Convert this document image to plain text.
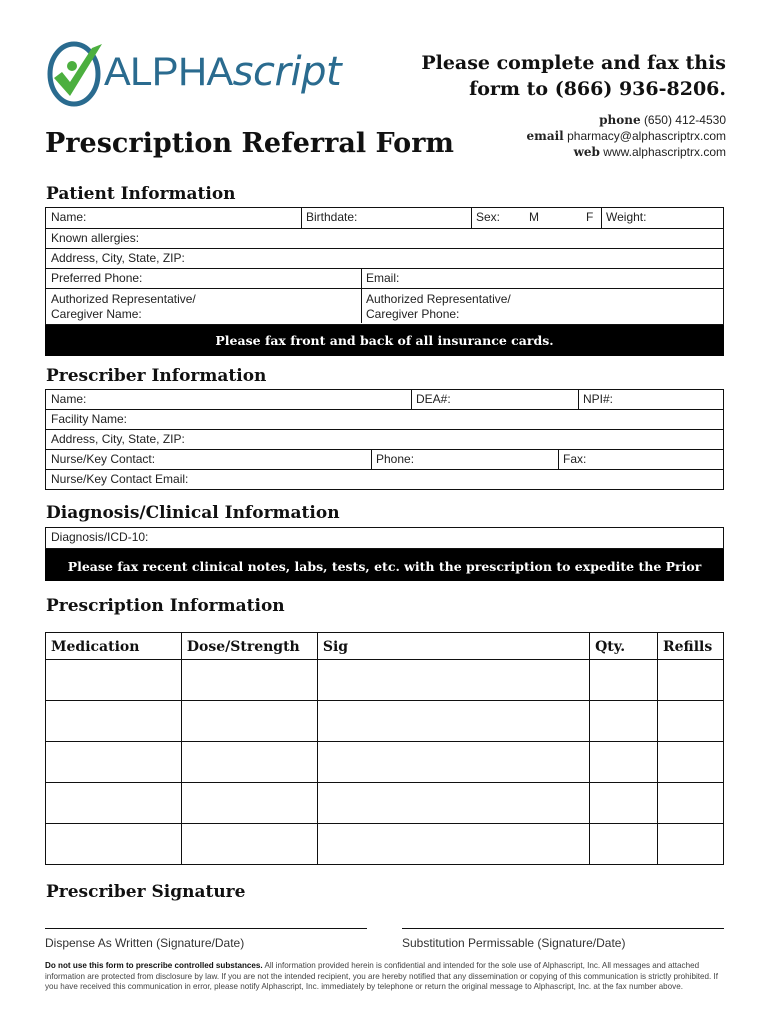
ALPHAscript	Please complete and fax this
form to (866) 936-8206.
phone (650) 412-4530
email pharmacy@alphascriptrx.com
web www.alphascriptrx.com
Prescription Referral Form
Patient Information
Name:	Birthdate:	Sex:	M	F	Weight:
Known allergies:
Address, City, State, ZIP:
Preferred Phone:	Email:
Authorized Representative/
Caregiver Name:
Authorized Representative/
Caregiver Phone:
Please fax front and back of all insurance cards.
Prescriber Information
Name:	DEA#:	NPI#:
Facility Name:
Address, City, State, ZIP:
Nurse/Key Contact:	Phone:	Fax:
Nurse/Key Contact Email:
Diagnosis/Clinical Information
Diagnosis/ICD-10:
Please fax recent clinical notes, labs, tests, etc. with the prescription to expedite the Prior Authorization.
Prescription Information
Medication	Dose/Strength	Sig	Qty.	Refills

Prescriber Signature
Dispense As Written (Signature/Date)	Substitution Permissable (Signature/Date)
Do not use this form to prescribe controlled substances. All information provided herein is confidential and intended for the sole use of Alphascript, Inc. All messages and attached information are protected from disclosure by law. If you are not the intended recipient, you are hereby notified that any dissemination or copying of this communication is strictly prohibited. If you have received this communication in error, please notify Alphascript, Inc. immediately by telephone or return the original message to Alphascript, Inc. at the fax number above.
